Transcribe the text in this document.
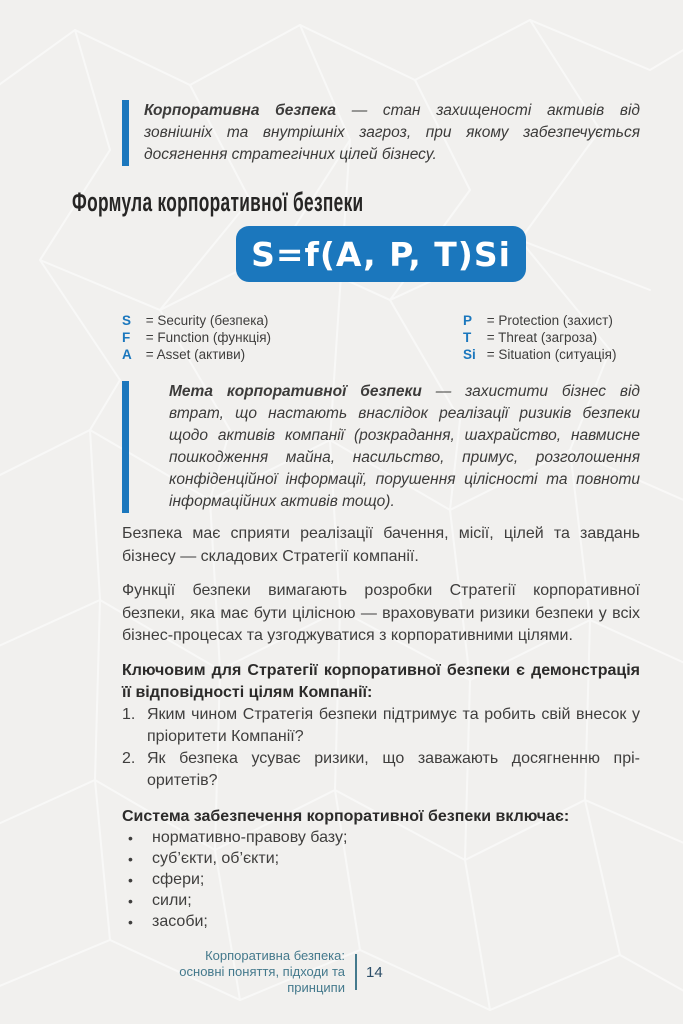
Корпоративна безпека — стан захищеності активів від зовнішніх та внутрішніх загроз, при якому забезпечується досягнення стратегічних цілей бізнесу.
Формула корпоративної безпеки
S=f(A, P, T)Si
S = Security (безпека)
F = Function (функція)
A = Asset (активи)
P = Protection (захист)
T = Threat (загроза)
Si = Situation (ситуація)
Мета корпоративної безпеки — захистити бізнес від втрат, що настають внаслідок реалізації ризиків безпеки щодо активів компанії (розкрадання, шахрайство, навмисне пошкодження майна, насильство, примус, розголошення конфіденційної інформації, порушення цілісності та повноти інформаційних активів тощо).

Безпека має сприяти реалізації бачення, місії, цілей та завдань бізнесу — складових Стратегії компанії.

Функції безпеки вимагають розробки Стратегії корпоративної безпеки, яка має бути цілісною — враховувати ризики безпеки у всіх бізнес-процесах та узгоджуватися з корпоративними цілями.

Ключовим для Стратегії корпоративної безпеки є демонстрація її відповідності цілям Компанії:

1. Яким чином Стратегія безпеки підтримує та робить свій внесок у пріоритети Компанії?
2. Як безпека усуває ризики, що заважають досягненню пріоритетів?

Система забезпечення корпоративної безпеки включає:

•	нормативно-правову базу;
•	суб’єкти, об’єкти;
•	сфери;
•	сили;
•	засоби;
Корпоративна безпека:
основні поняття, підходи та принципи
14
